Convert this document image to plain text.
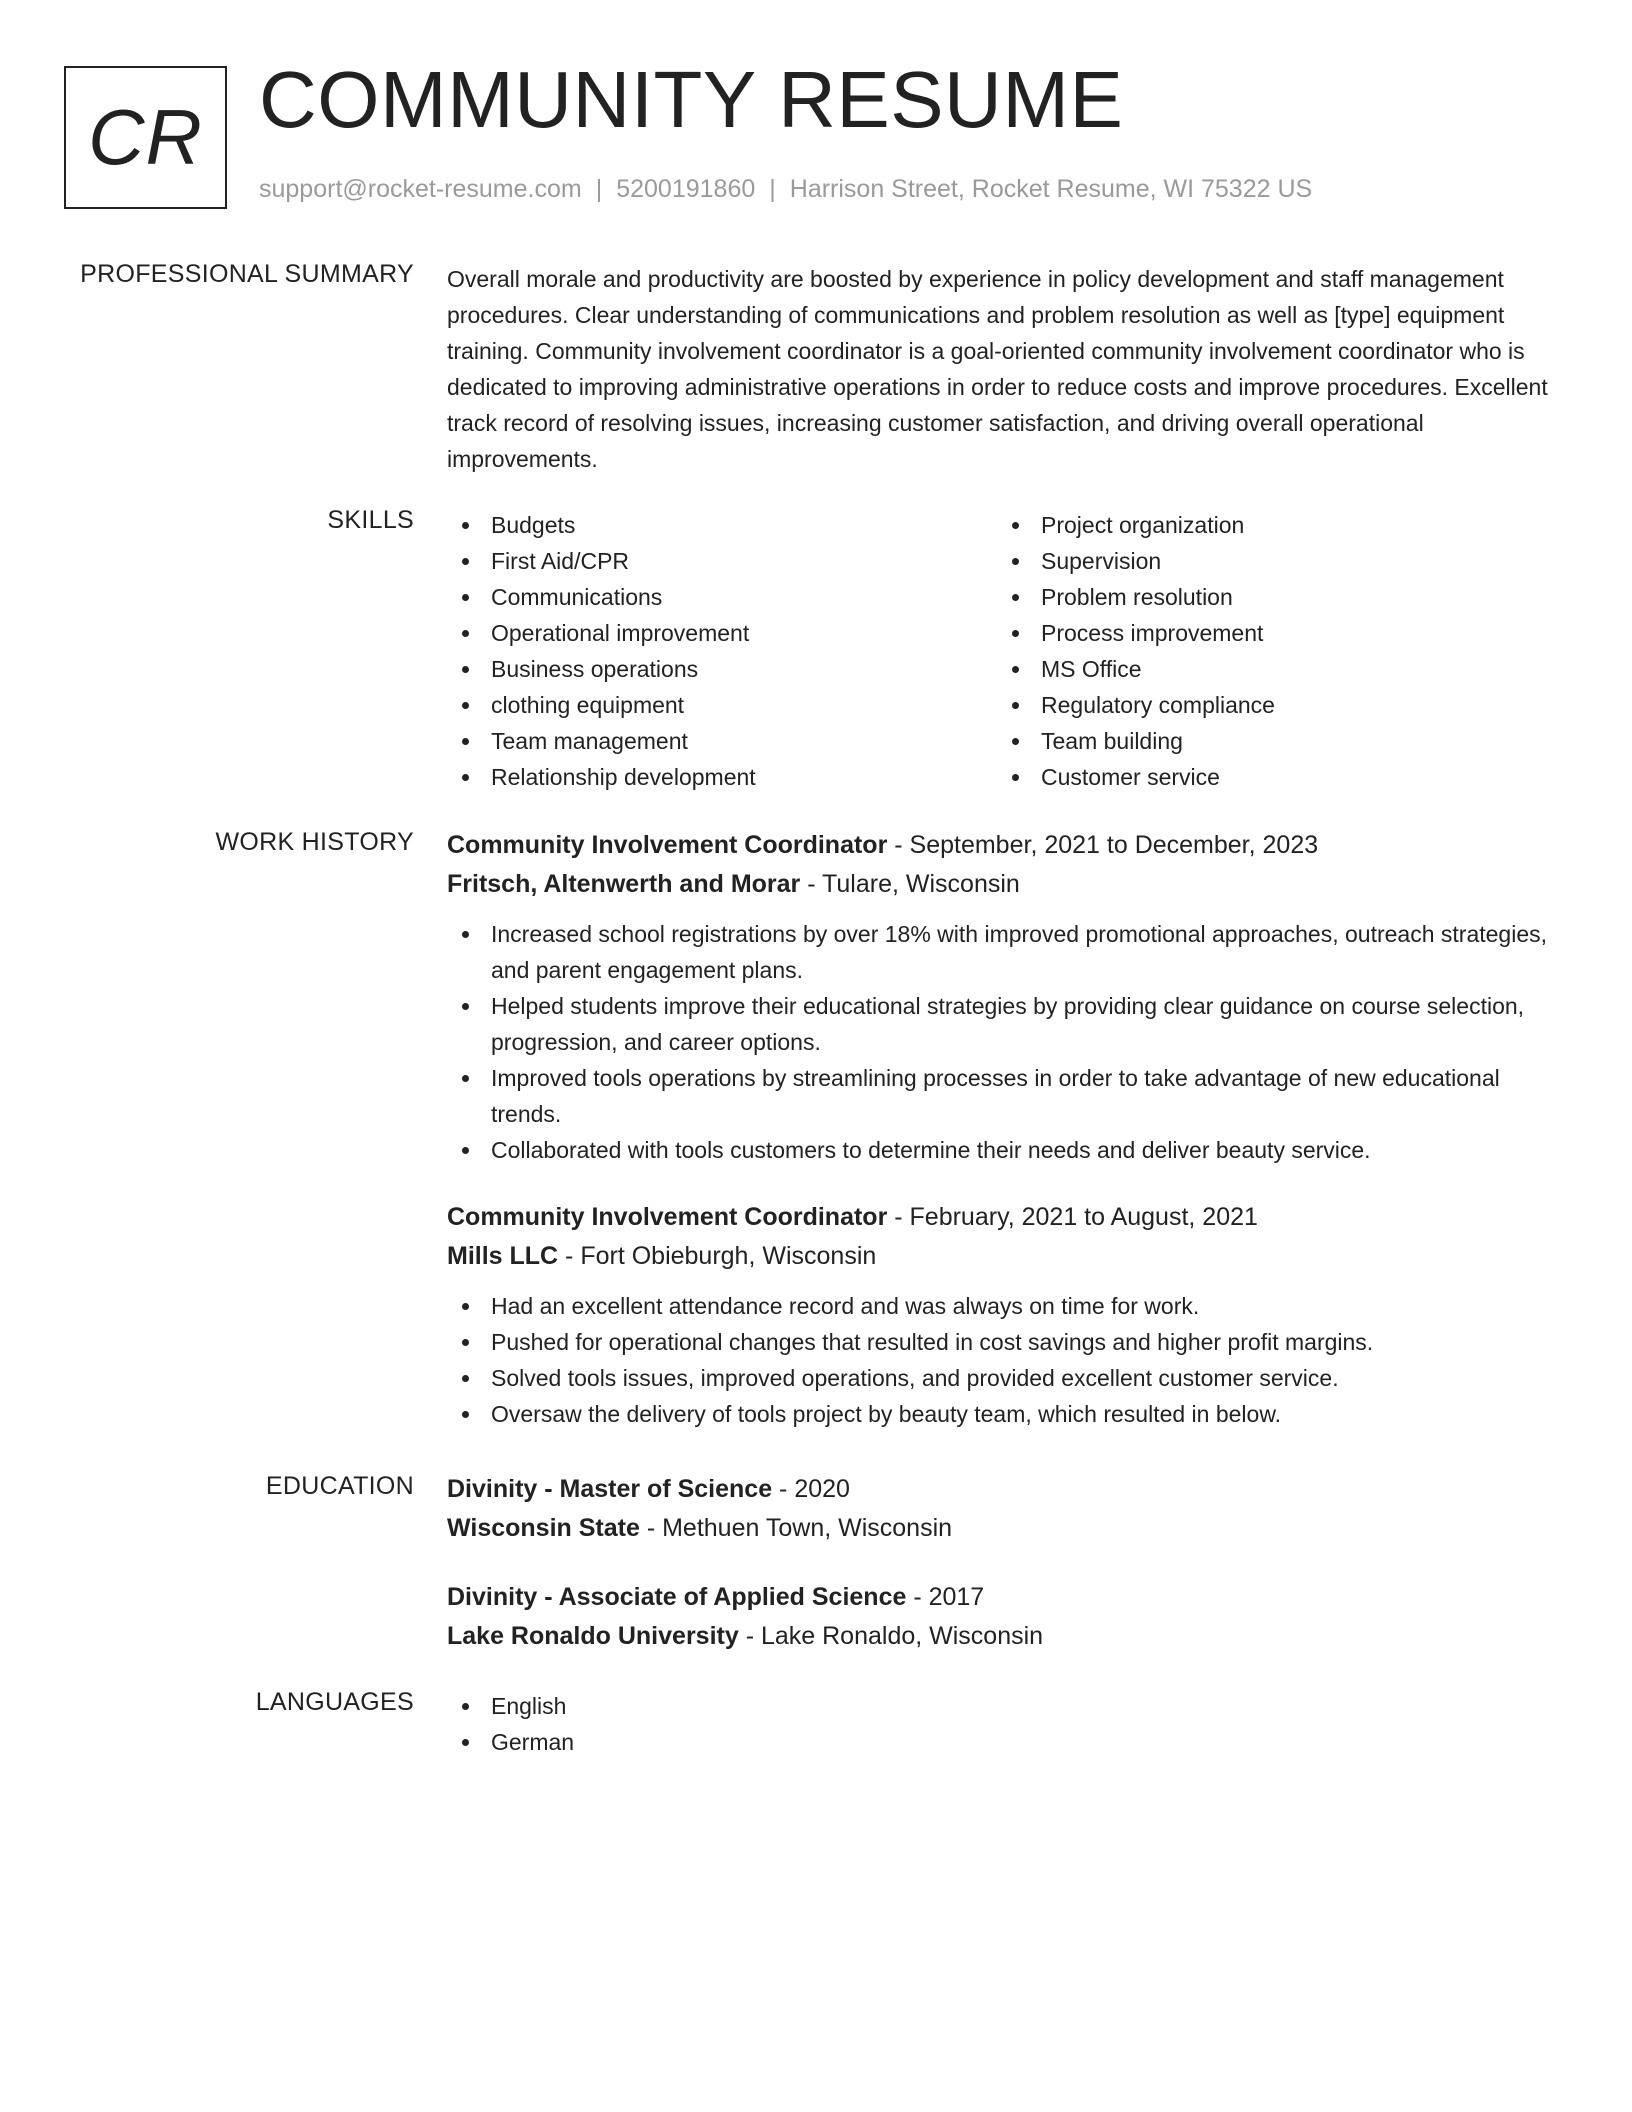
CR COMMUNITY RESUME
support@rocket-resume.com | 5200191860 | Harrison Street, Rocket Resume, WI 75322 US
PROFESSIONAL SUMMARY Overall morale and productivity are boosted by experience in policy development and staff management procedures. Clear understanding of communications and problem resolution as well as [type] equipment training. Community involvement coordinator is a goal-oriented community involvement coordinator who is dedicated to improving administrative operations in order to reduce costs and improve procedures. Excellent track record of resolving issues, increasing customer satisfaction, and driving overall operational improvements.
SKILLS	Budgets
First Aid/CPR
Communications
Operational improvement
Business operations
clothing equipment
Team management
Relationship development
Project organization
Supervision
Problem resolution
Process improvement
MS Office
Regulatory compliance
Team building
Customer service
WORK HISTORY Community Involvement Coordinator - September, 2021 to December, 2023
Fritsch, Altenwerth and Morar - Tulare, Wisconsin
Increased school registrations by over 18% with improved promotional approaches, outreach strategies, and parent engagement plans.
Helped students improve their educational strategies by providing clear guidance on course selection, progression, and career options.
Improved tools operations by streamlining processes in order to take advantage of new educational trends.
Collaborated with tools customers to determine their needs and deliver beauty service.
Community Involvement Coordinator - February, 2021 to August, 2021
Mills LLC - Fort Obieburgh, Wisconsin
Had an excellent attendance record and was always on time for work.
Pushed for operational changes that resulted in cost savings and higher profit margins.
Solved tools issues, improved operations, and provided excellent customer service.
Oversaw the delivery of tools project by beauty team, which resulted in below.
EDUCATION Divinity - Master of Science - 2020
Wisconsin State - Methuen Town, Wisconsin
Divinity - Associate of Applied Science - 2017
Lake Ronaldo University - Lake Ronaldo, Wisconsin
LANGUAGES	English
German
